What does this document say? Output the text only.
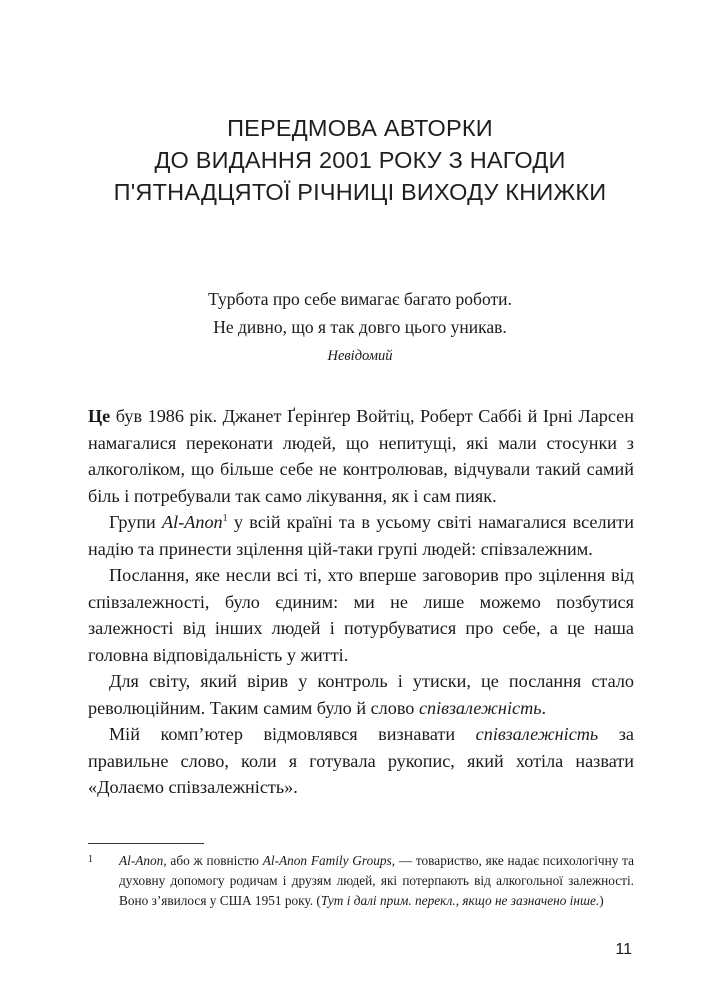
ПЕРЕДМОВА АВТОРКИ
ДО ВИДАННЯ 2001 РОКУ З НАГОДИ
П'ЯТНАДЦЯТОЇ РІЧНИЦІ ВИХОДУ КНИЖКИ
Турбота про себе вимагає багато роботи.
Не дивно, що я так довго цього уникав.
Невідомий

Це був 1986 рік. Джанет Ґерінґер Войтіц, Роберт Саббі й Ірні Ларсен намагалися переконати людей, що непитущі, які мали стосунки з алкоголіком, що більше себе не контролював, відчували такий самий біль і потребували так само лікування, як і сам пияк.

Групи Al-Anon$^1$ у всій країні та в усьому світі намагалися вселити надію та принести зцілення цій-таки групі людей: співзалежним.

Послання, яке несли всі ті, хто вперше заговорив про зцілення від співзалежності, було єдиним: ми не лише можемо позбутися залежності від інших людей і потурбуватися про себе, а це наша головна відповідальність у житті.

Для світу, який вірив у контроль і утиски, це послання стало революційним. Таким самим було й слово співзалежність.

Мій комп’ютер відмовлявся визнавати співзалежність за правильне слово, коли я готувала рукопис, який хотіла назвати «Долаємо співзалежність».

1	Al-Anon, або ж повністю Al-Anon Family Groups, — товариство, яке надає психологічну та духовну допомогу родичам і друзям людей, які потерпають від алкогольної залежності. Воно з’явилося у США 1951 року. (Тут і далі прим. перекл., якщо не зазначено інше.)
11
